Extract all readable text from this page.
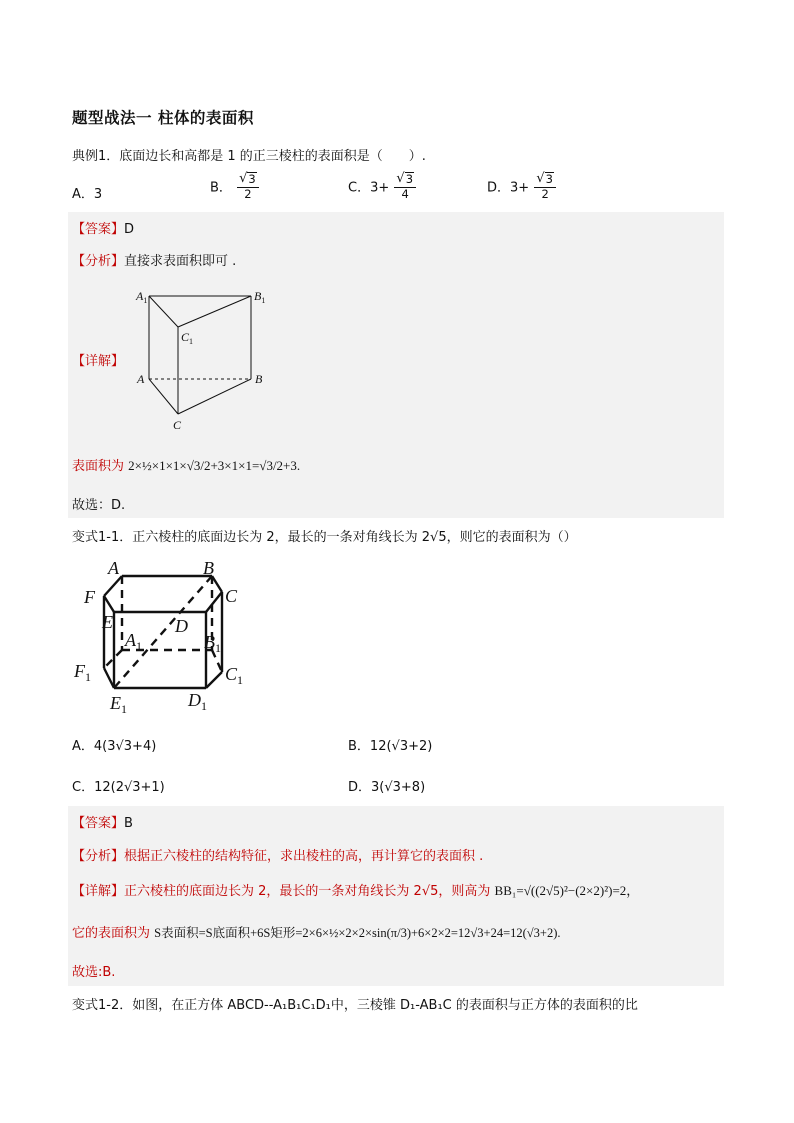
题型战法一 柱体的表面积
典例1．底面边长和高都是 1 的正三棱柱的表面积是（　　）.
A．3	B． $\frac{√ 3}{2}$	C．$3+ \frac{√ 3}{4}$	D．$3+ \frac{√ 3}{2}$
【答案】D
【分析】直接求表面积即可 .
【详解】
$A_1$	$B_1$
$C_1$
A	B
C
表面积为 2×½×1×1×√3/2+3×1×1=√3/2+3.
故选：D.
变式1-1．正六棱柱的底面边长为 2，最长的一条对角线长为 2√5，则它的表面积为（）
A	B
C
D
E
F
$A_1$	$B_1$
$C_1$
$D_1$
$E_1$
$F_1$
A．4(3√3+4)	B．12(√3+2)
C．12(2√3+1)	D．3(√3+8)
【答案】B
【分析】根据正六棱柱的结构特征，求出棱柱的高，再计算它的表面积 .
【详解】正六棱柱的底面边长为 2，最长的一条对角线长为 2√5，则高为 BB₁=√((2√5)²−(2×2)²)=2，
它的表面积为 S表面积=S底面积+6S矩形=2×6×½×2×2×sin(π/3)+6×2×2=12√3+24=12(√3+2).
故选:B.
变式1-2．如图，在正方体 ABCD--A₁B₁C₁D₁中，三棱锥 D₁-AB₁C 的表面积与正方体的表面积的比
